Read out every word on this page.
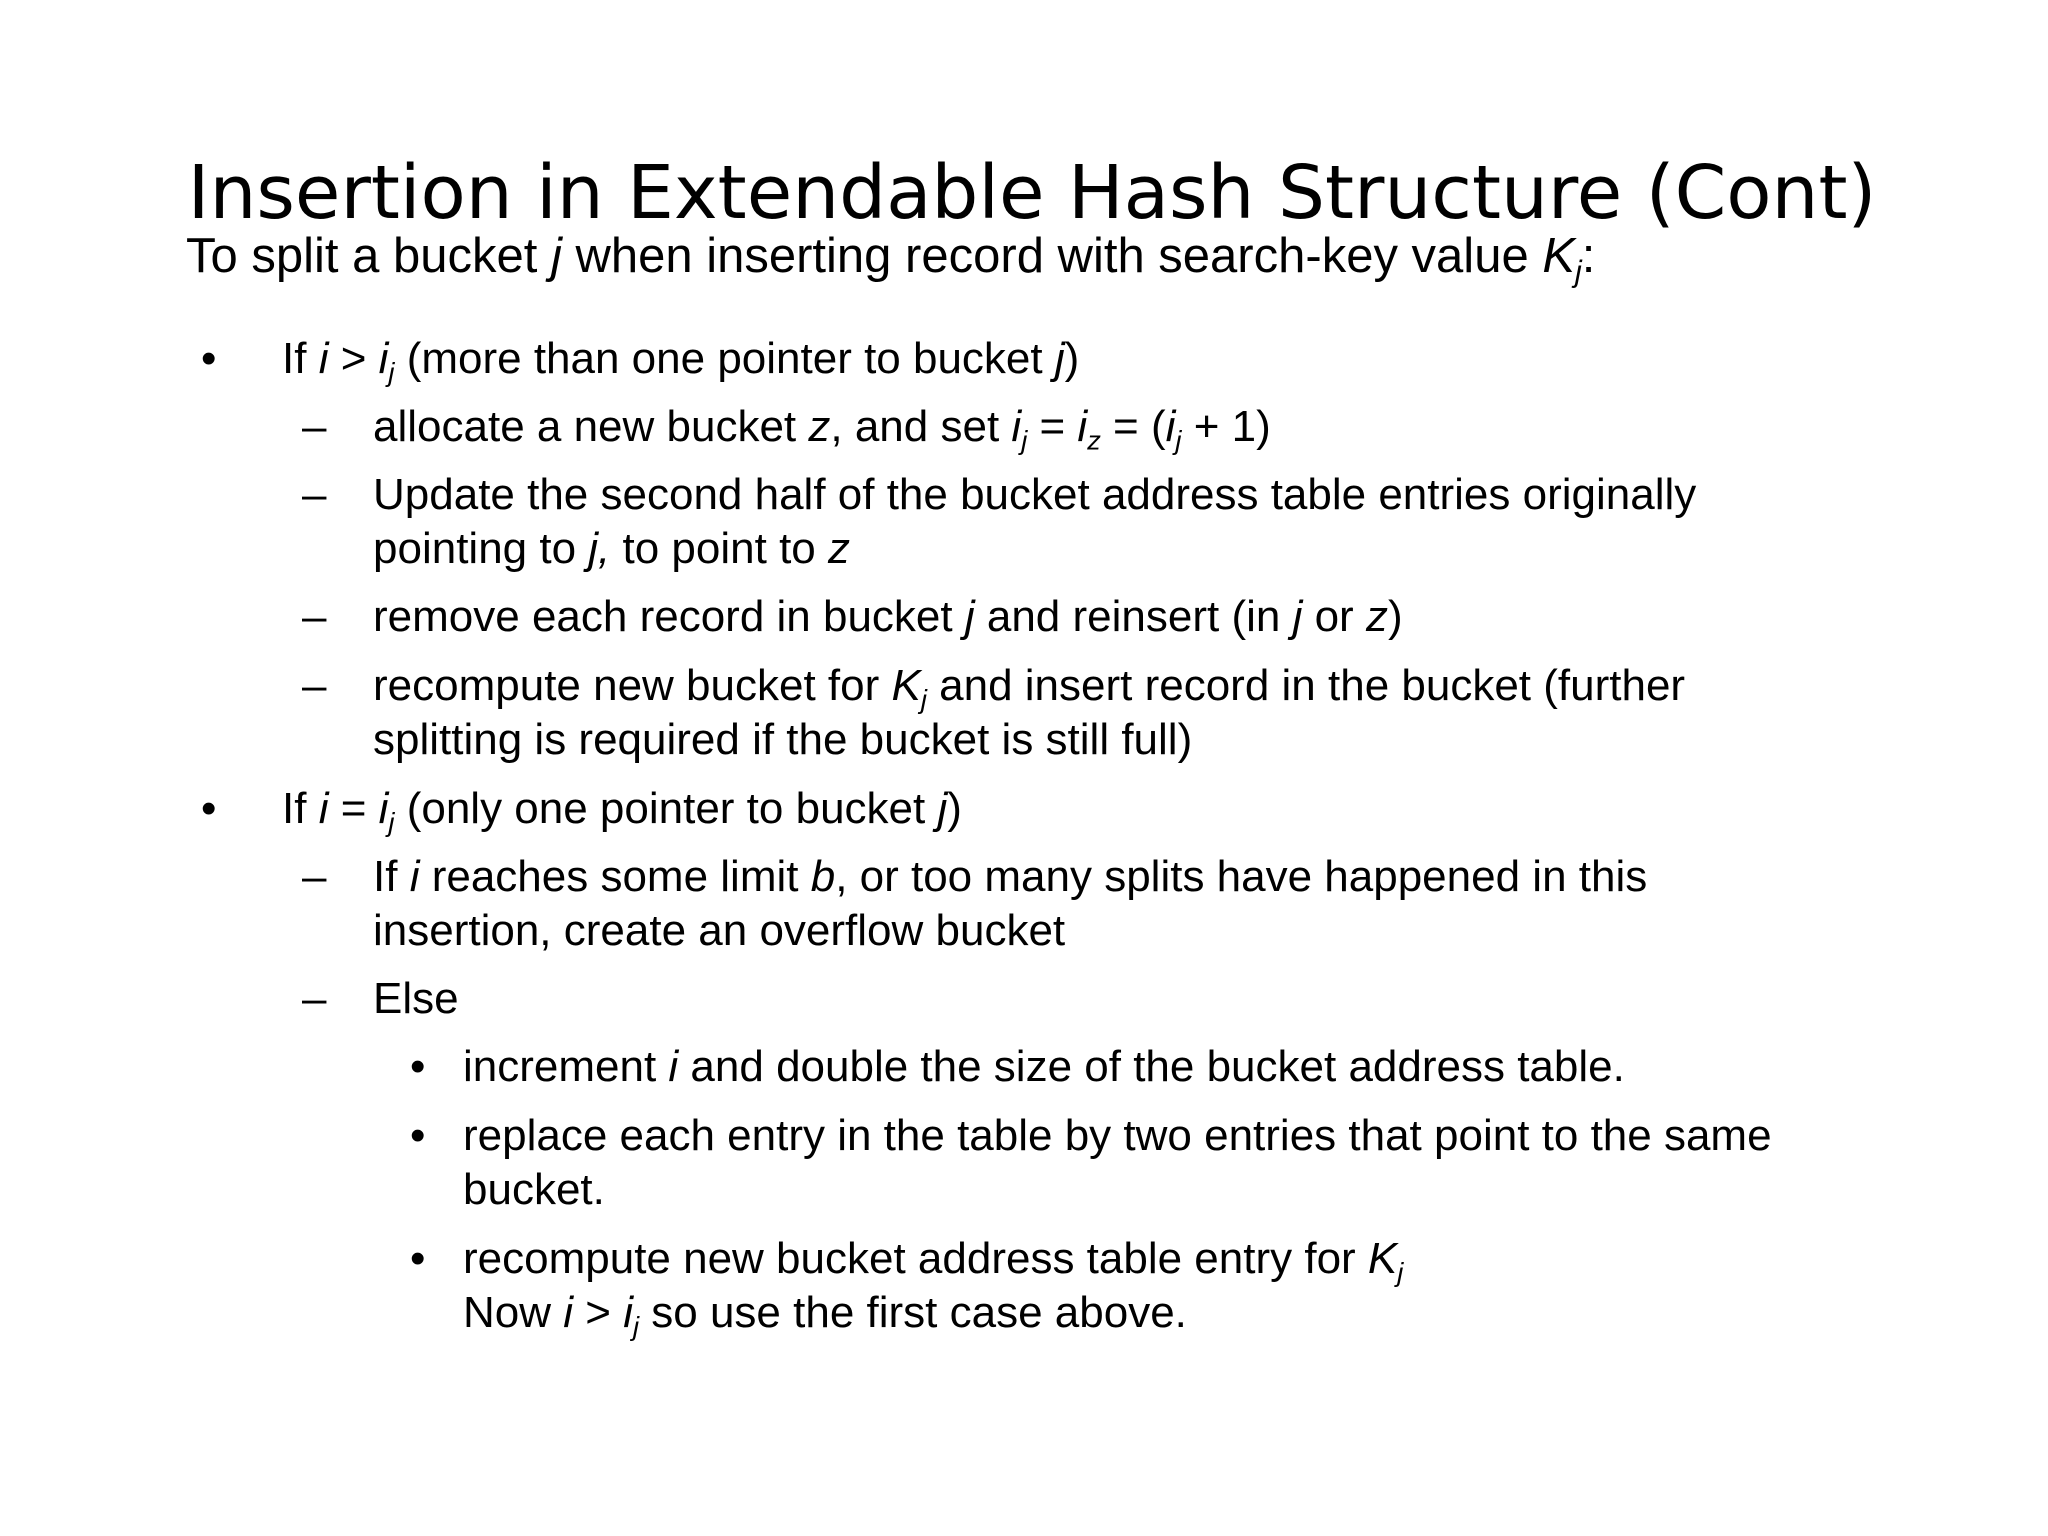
Insertion in Extendable Hash Structure (Cont)
To split a bucket j when inserting record with search-key value $K_j$:
• If $i > i_j$ (more than one pointer to bucket j)
– allocate a new bucket z, and set $i_j = i_z = (i_j + 1)$
– Update the second half of the bucket address table entries originally
pointing to j, to point to z
– remove each record in bucket j and reinsert (in j or z)
– recompute new bucket for $K_j$ and insert record in the bucket (further
splitting is required if the bucket is still full)
• If $i = i_j$ (only one pointer to bucket j)
– If i reaches some limit b, or too many splits have happened in this
insertion, create an overflow bucket
– Else
• increment i and double the size of the bucket address table.
• replace each entry in the table by two entries that point to the same
bucket.
• recompute new bucket address table entry for $K_j$
Now $i > i_j$ so use the first case above.
